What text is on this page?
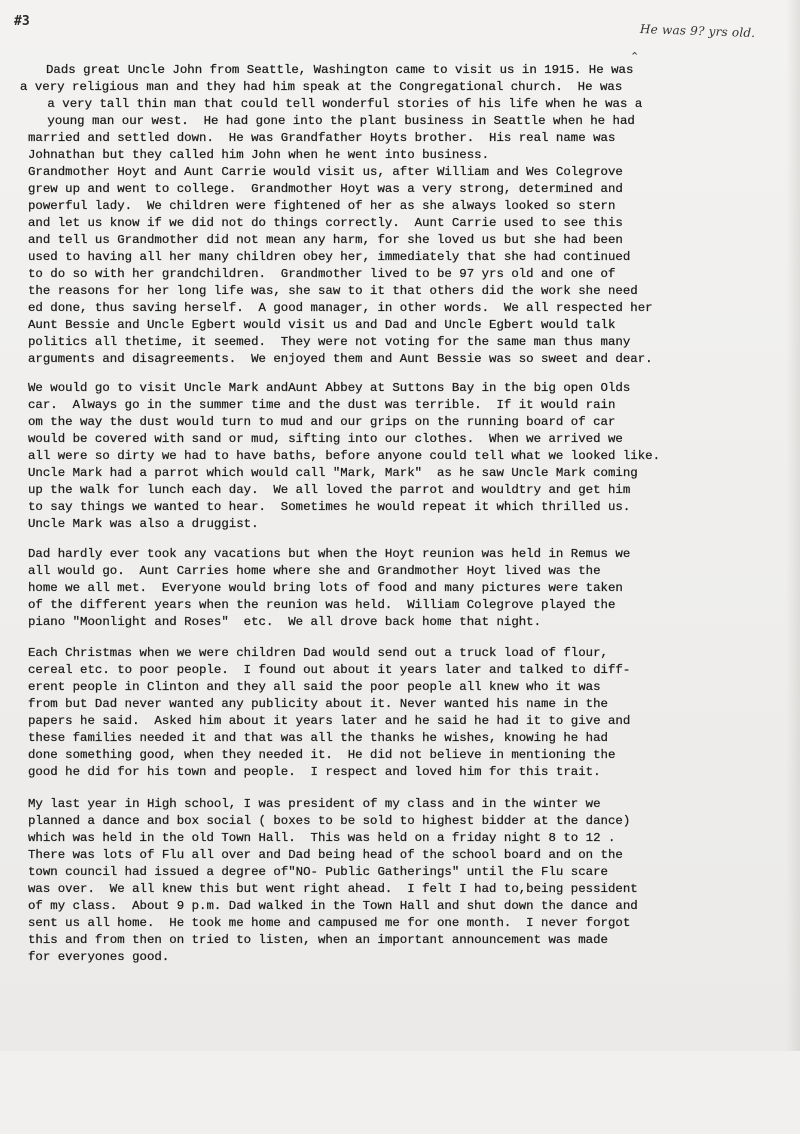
#3

He was 9? yrs old.

⌃

Dads great Uncle John from Seattle, Washington came to visit us in 1915. He was

a very religious man and they had him speak at the Congregational church.  He was

a very tall thin man that could tell wonderful stories of his life when he was a

young man our west.  He had gone into the plant business in Seattle when he had

married and settled down.  He was Grandfather Hoyts brother.  His real name was

Johnathan but they called him John when he went into business.

Grandmother Hoyt and Aunt Carrie would visit us, after William and Wes Colegrove

grew up and went to college.  Grandmother Hoyt was a very strong, determined and

powerful lady.  We children were fightened of her as she always looked so stern

and let us know if we did not do things correctly.  Aunt Carrie used to see this

and tell us Grandmother did not mean any harm, for she loved us but she had been

used to having all her many children obey her, immediately that she had continued

to do so with her grandchildren.  Grandmother lived to be 97 yrs old and one of

the reasons for her long life was, she saw to it that others did the work she need

ed done, thus saving herself.  A good manager, in other words.  We all respected her

Aunt Bessie and Uncle Egbert would visit us and Dad and Uncle Egbert would talk

politics all thetime, it seemed.  They were not voting for the same man thus many

arguments and disagreements.  We enjoyed them and Aunt Bessie was so sweet and dear.

We would go to visit Uncle Mark andAunt Abbey at Suttons Bay in the big open Olds

car.  Always go in the summer time and the dust was terrible.  If it would rain

om the way the dust would turn to mud and our grips on the running board of car

would be covered with sand or mud, sifting into our clothes.  When we arrived we

all were so dirty we had to have baths, before anyone could tell what we looked like.

Uncle Mark had a parrot which would call "Mark, Mark"  as he saw Uncle Mark coming

up the walk for lunch each day.  We all loved the parrot and wouldtry and get him

to say things we wanted to hear.  Sometimes he would repeat it which thrilled us.

Uncle Mark was also a druggist.

Dad hardly ever took any vacations but when the Hoyt reunion was held in Remus we

all would go.  Aunt Carries home where she and Grandmother Hoyt lived was the

home we all met.  Everyone would bring lots of food and many pictures were taken

of the different years when the reunion was held.  William Colegrove played the

piano "Moonlight and Roses"  etc.  We all drove back home that night.

Each Christmas when we were children Dad would send out a truck load of flour,

cereal etc. to poor people.  I found out about it years later and talked to diff-

erent people in Clinton and they all said the poor people all knew who it was

from but Dad never wanted any publicity about it. Never wanted his name in the

papers he said.  Asked him about it years later and he said he had it to give and

these families needed it and that was all the thanks he wishes, knowing he had

done something good, when they needed it.  He did not believe in mentioning the

good he did for his town and people.  I respect and loved him for this trait.

My last year in High school, I was president of my class and in the winter we

planned a dance and box social ( boxes to be sold to highest bidder at the dance)

which was held in the old Town Hall.  This was held on a friday night 8 to 12 .

There was lots of Flu all over and Dad being head of the school board and on the

town council had issued a degree of"NO- Public Gatherings" until the Flu scare

was over.  We all knew this but went right ahead.  I felt I had to,being pessident

of my class.  About 9 p.m. Dad walked in the Town Hall and shut down the dance and

sent us all home.  He took me home and campused me for one month.  I never forgot

this and from then on tried to listen, when an important announcement was made

for everyones good.
